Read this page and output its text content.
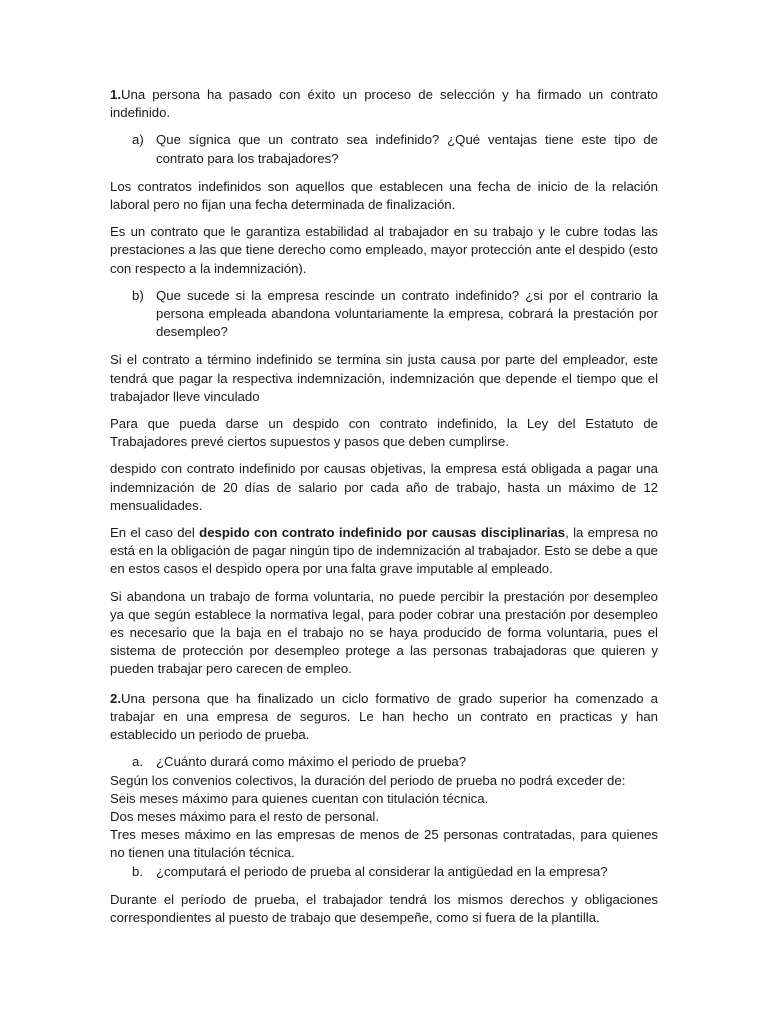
1.Una persona ha pasado con éxito un proceso de selección y ha firmado un contrato indefinido.

a) Que sígnica que un contrato sea indefinido? ¿Qué ventajas tiene este tipo de contrato para los trabajadores?

Los contratos indefinidos son aquellos que establecen una fecha de inicio de la relación laboral pero no fijan una fecha determinada de finalización.

Es un contrato que le garantiza estabilidad al trabajador en su trabajo y le cubre todas las prestaciones a las que tiene derecho como empleado, mayor protección ante el despido (esto con respecto a la indemnización).

b) Que sucede si la empresa rescinde un contrato indefinido? ¿si por el contrario la persona empleada abandona voluntariamente la empresa, cobrará la prestación por desempleo?

Si el contrato a término indefinido se termina sin justa causa por parte del empleador, este tendrá que pagar la respectiva indemnización, indemnización que depende el tiempo que el trabajador lleve vinculado

Para que pueda darse un despido con contrato indefinido, la Ley del Estatuto de Trabajadores prevé ciertos supuestos y pasos que deben cumplirse.

despido con contrato indefinido por causas objetivas, la empresa está obligada a pagar una indemnización de 20 días de salario por cada año de trabajo, hasta un máximo de 12 mensualidades.

En el caso del despido con contrato indefinido por causas disciplinarias, la empresa no está en la obligación de pagar ningún tipo de indemnización al trabajador. Esto se debe a que en estos casos el despido opera por una falta grave imputable al empleado.

Si abandona un trabajo de forma voluntaria, no puede percibir la prestación por desempleo ya que según establece la normativa legal, para poder cobrar una prestación por desempleo es necesario que la baja en el trabajo no se haya producido de forma voluntaria, pues el sistema de protección por desempleo protege a las personas trabajadoras que quieren y pueden trabajar pero carecen de empleo.

2.Una persona que ha finalizado un ciclo formativo de grado superior ha comenzado a trabajar en una empresa de seguros. Le han hecho un contrato en practicas y han establecido un periodo de prueba.

a. ¿Cuánto durará como máximo el periodo de prueba?

Según los convenios colectivos, la duración del periodo de prueba no podrá exceder de:

Seis meses máximo para quienes cuentan con titulación técnica.

Dos meses máximo para el resto de personal.

Tres meses máximo en las empresas de menos de 25 personas contratadas, para quienes no tienen una titulación técnica.

b. ¿computará el periodo de prueba al considerar la antigüedad en la empresa?

Durante el período de prueba, el trabajador tendrá los mismos derechos y obligaciones correspondientes al puesto de trabajo que desempeñe, como si fuera de la plantilla.
